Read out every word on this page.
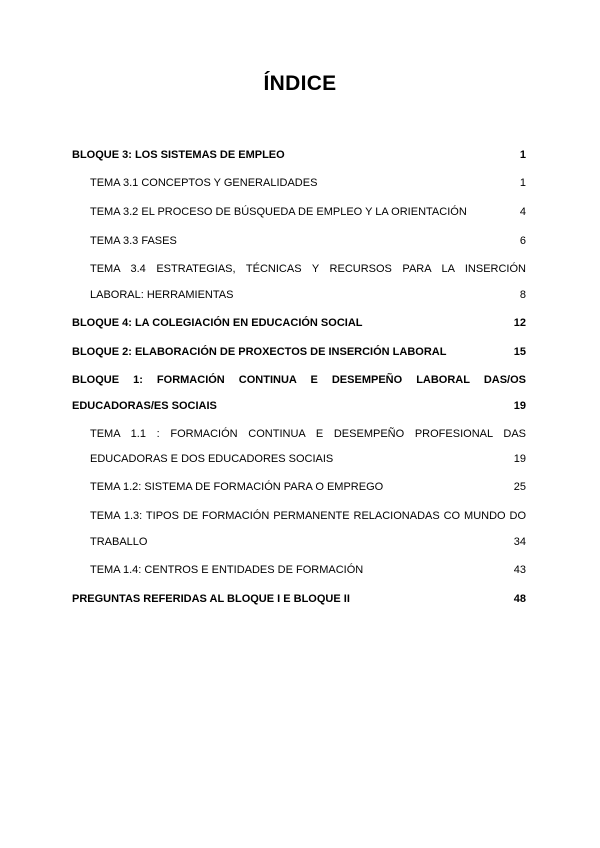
ÍNDICE
BLOQUE 3: LOS SISTEMAS DE EMPLEO	1
TEMA 3.1 CONCEPTOS Y GENERALIDADES	1
TEMA 3.2 EL PROCESO DE BÚSQUEDA DE EMPLEO Y LA ORIENTACIÓN	4
TEMA 3.3 FASES	6
TEMA 3.4 ESTRATEGIAS, TÉCNICAS Y RECURSOS PARA LA INSERCIÓN
LABORAL: HERRAMIENTAS	8
BLOQUE 4: LA COLEGIACIÓN EN EDUCACIÓN SOCIAL	12
BLOQUE 2: ELABORACIÓN DE PROXECTOS DE INSERCIÓN LABORAL	15
BLOQUE 1: FORMACIÓN CONTINUA E DESEMPEÑO LABORAL DAS/OS
EDUCADORAS/ES SOCIAIS	19
TEMA 1.1 : FORMACIÓN CONTINUA E DESEMPEÑO PROFESIONAL DAS
EDUCADORAS E DOS EDUCADORES SOCIAIS	19
TEMA 1.2: SISTEMA DE FORMACIÓN PARA O EMPREGO	25
TEMA 1.3: TIPOS DE FORMACIÓN PERMANENTE RELACIONADAS CO MUNDO DO
TRABALLO	34
TEMA 1.4: CENTROS E ENTIDADES DE FORMACIÓN	43
PREGUNTAS REFERIDAS AL BLOQUE I E BLOQUE II	48
